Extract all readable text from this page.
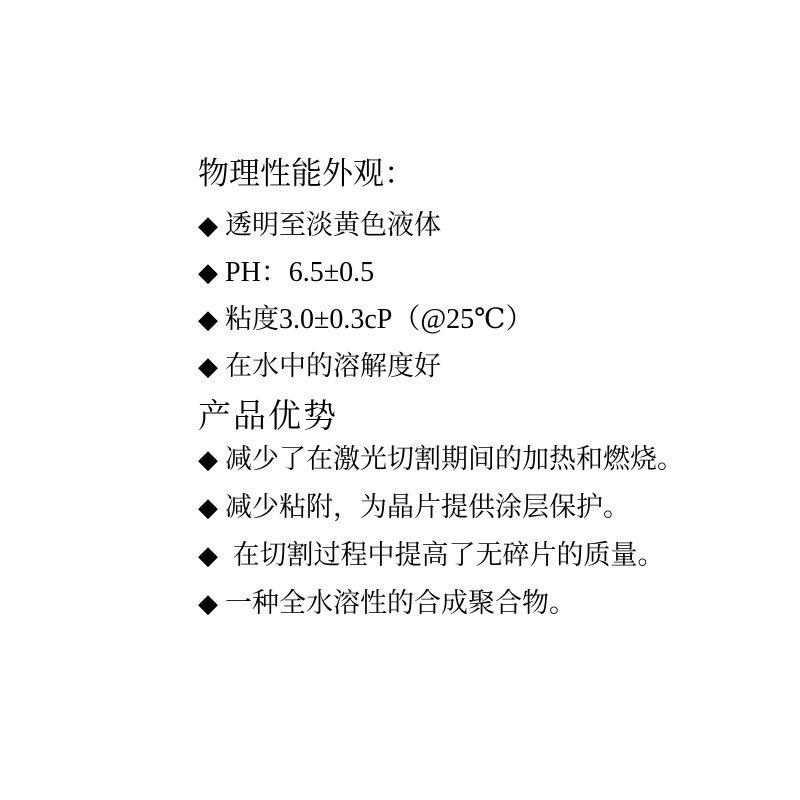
物理性能外观：
◆ 透明至淡黄色液体
◆ PH：6.5±0.5
◆ 粘度3.0±0.3cP（@25℃）
◆ 在水中的溶解度好
产品优势
◆ 减少了在激光切割期间的加热和燃烧。
◆ 减少粘附，为晶片提供涂层保护。
◆ 在切割过程中提高了无碎片的质量。
◆ 一种全水溶性的合成聚合物。
